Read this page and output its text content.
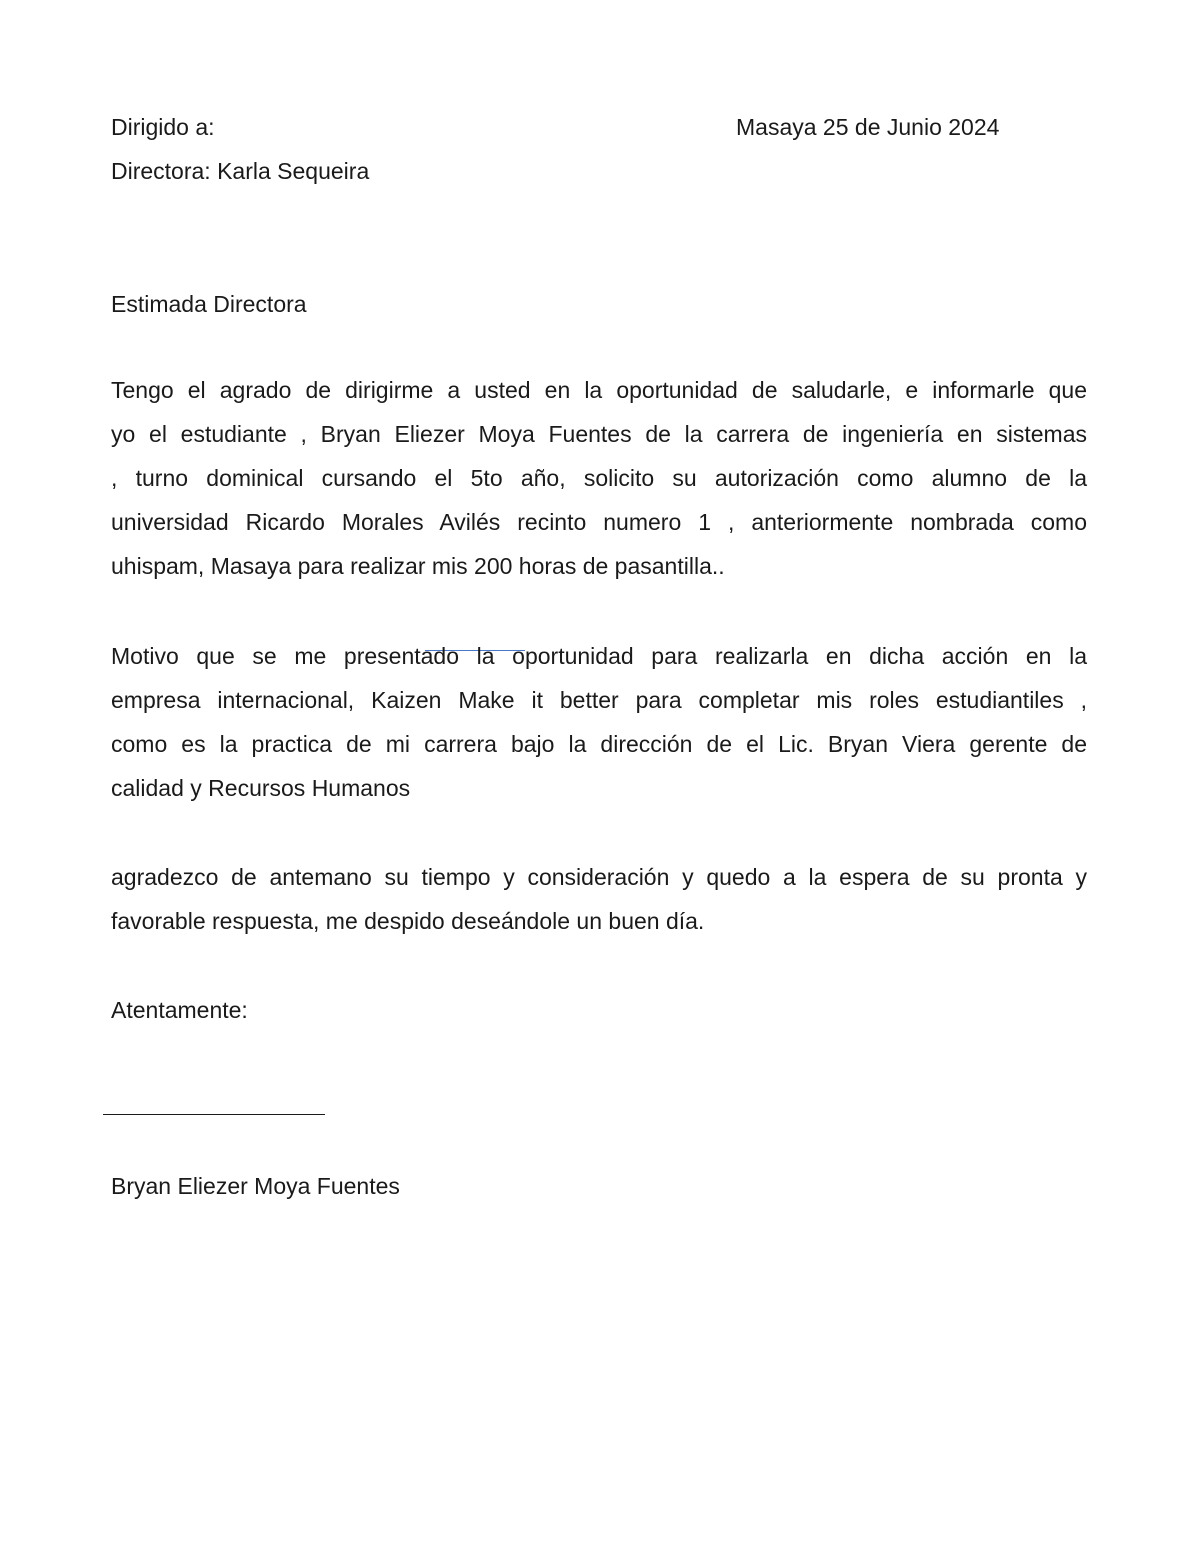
Dirigido a:	Masaya 25 de Junio 2024
Directora: Karla Sequeira
Estimada Directora
Tengo el agrado de dirigirme a usted en la oportunidad de saludarle, e informarle que
yo el estudiante , Bryan Eliezer Moya Fuentes de la carrera de ingeniería en sistemas
, turno dominical cursando el 5to año, solicito su autorización como alumno de la
universidad Ricardo Morales Avilés recinto numero 1 , anteriormente nombrada como
uhispam, Masaya para realizar mis 200 horas de pasantilla..
Motivo que se me presentado la oportunidad para realizarla en dicha acción en la
empresa internacional, Kaizen Make it better para completar mis roles estudiantiles ,
como es la practica de mi carrera bajo la dirección de el Lic. Bryan Viera gerente de
calidad y Recursos Humanos
agradezco de antemano su tiempo y consideración y quedo a la espera de su pronta y
favorable respuesta, me despido deseándole un buen día.
Atentamente:
Bryan Eliezer Moya Fuentes
